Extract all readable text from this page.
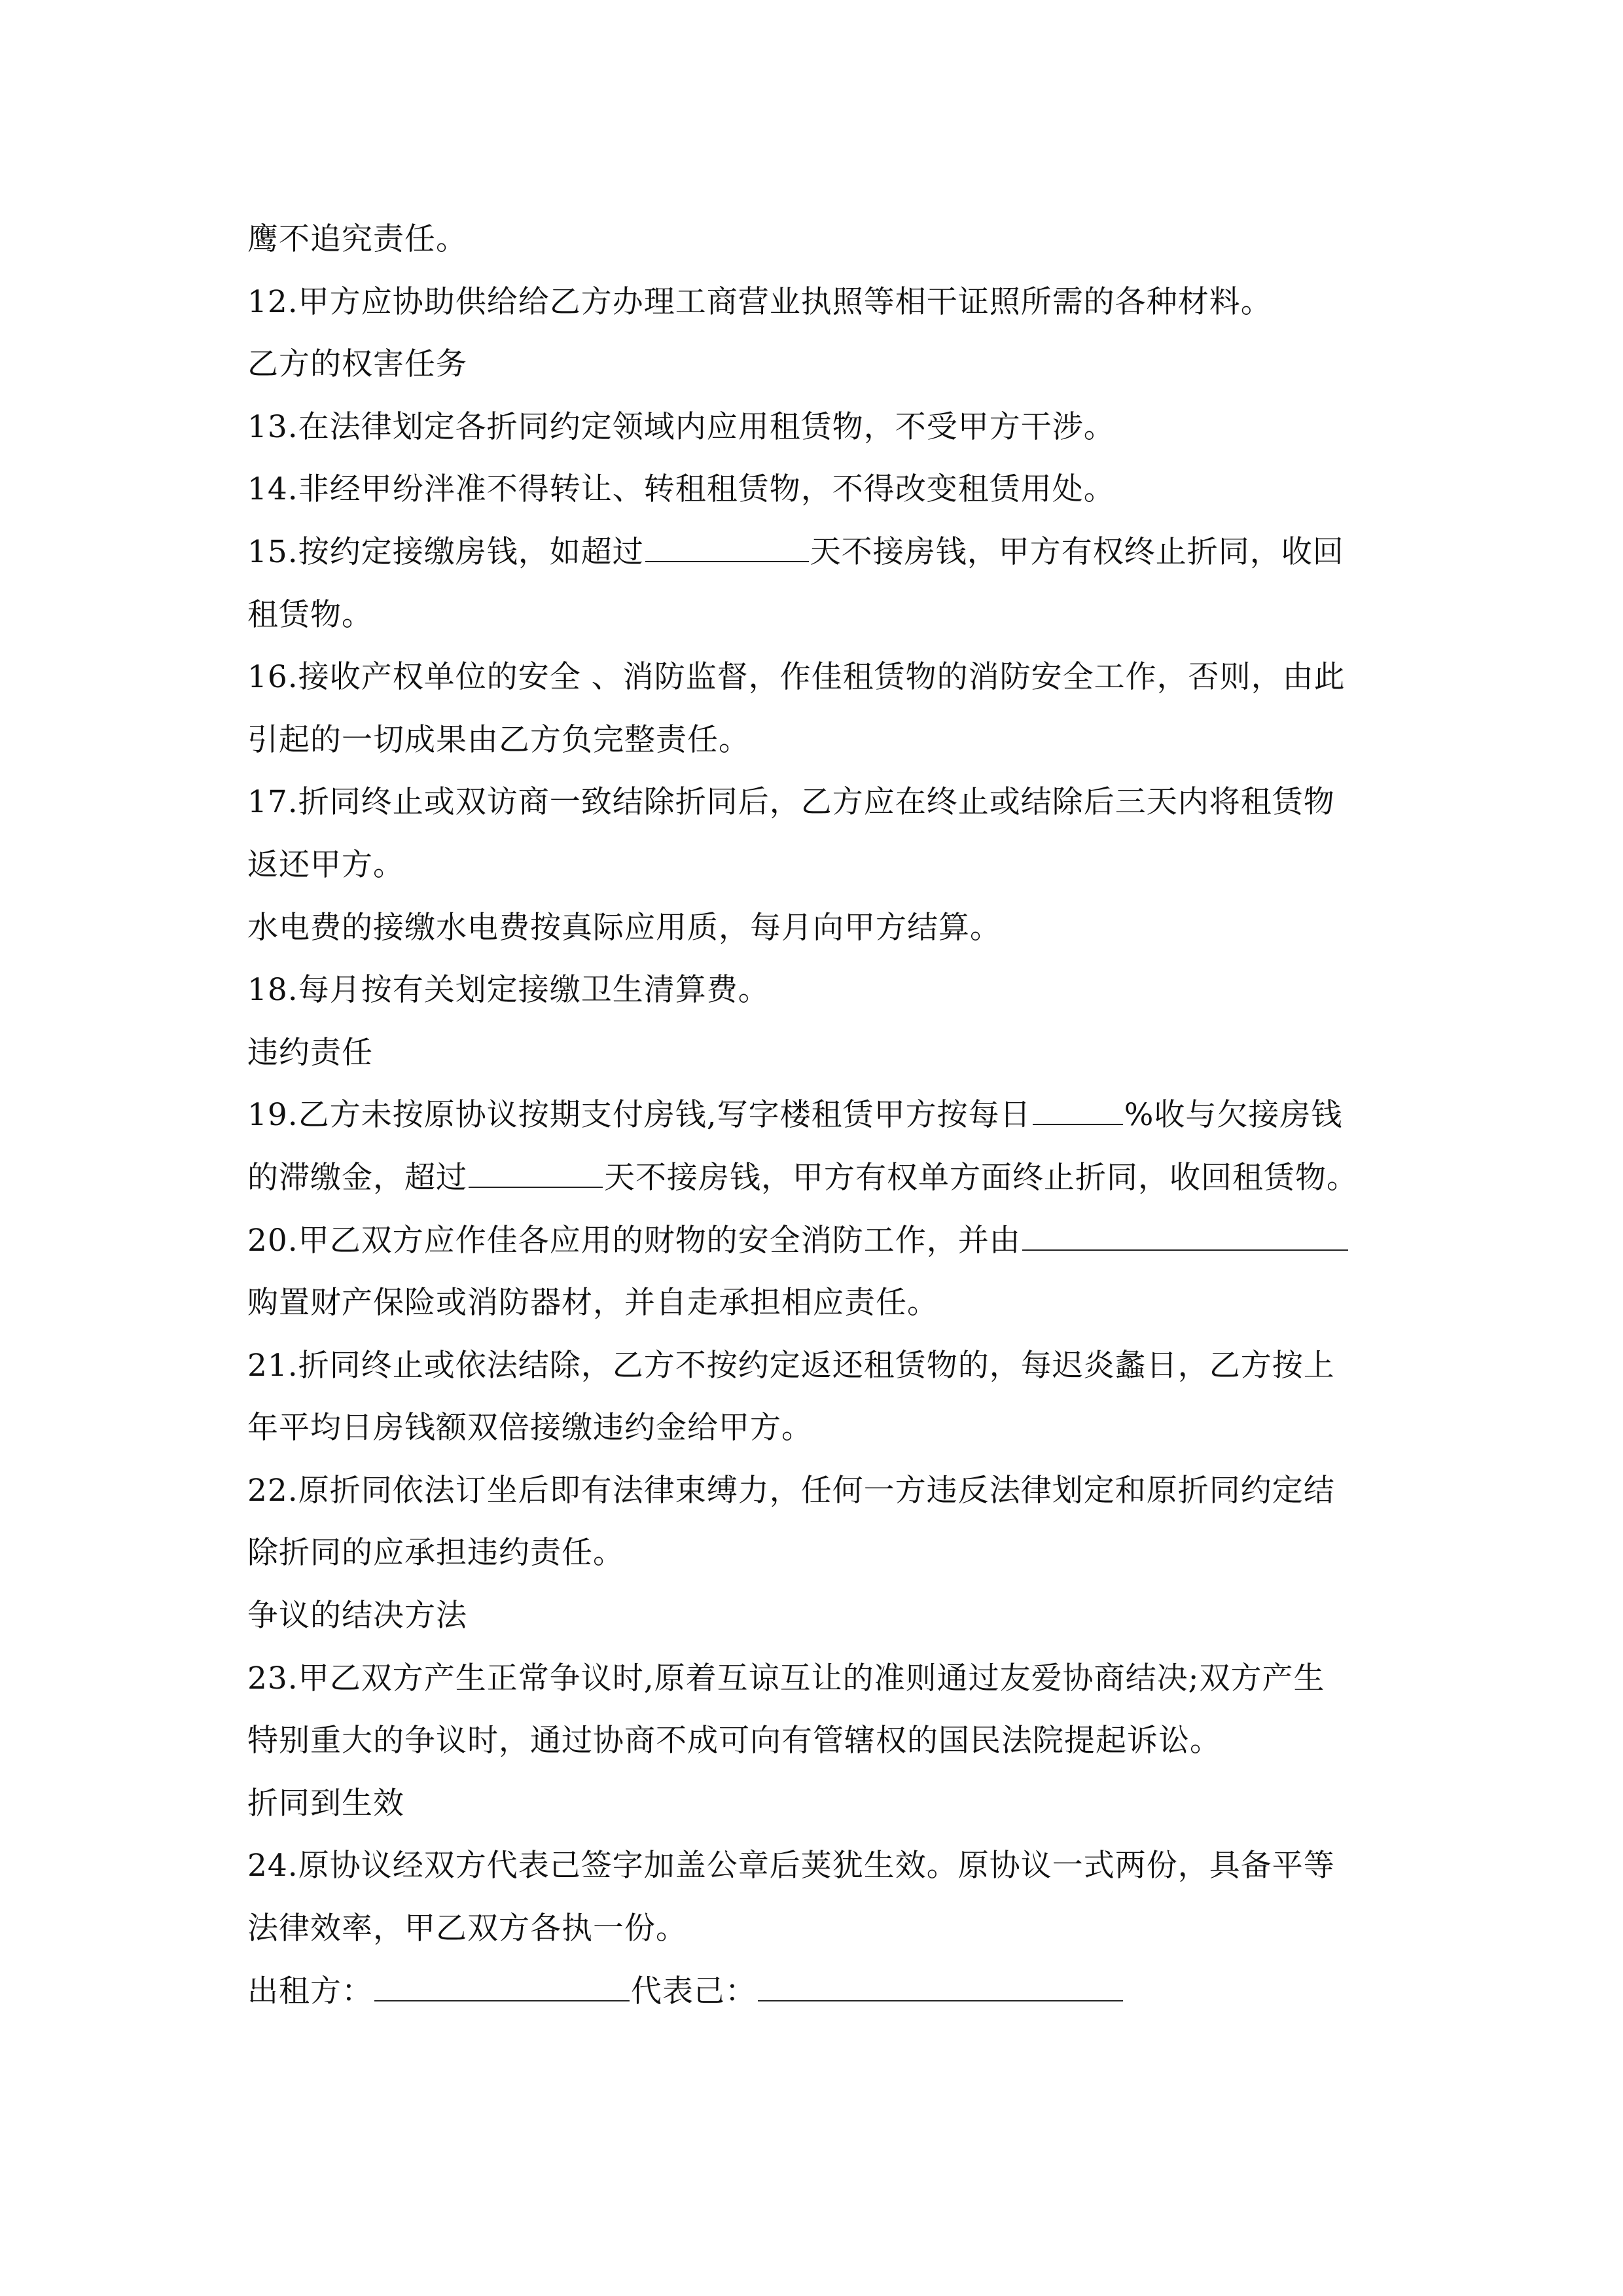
鹰不追究责任。
12.甲方应协助供给给乙方办理工商营业执照等相干证照所需的各种材料。
乙方的权害任务
13.在法律划定各折同约定领域内应用租赁物，不受甲方干涉。
14.非经甲纷泮准不得转让、转租租赁物，不得改变租赁用处。
15.按约定接缴房钱，如超过	天不接房钱，甲方有权终止折同，收回
租赁物。
16.接收产权单位的安全 、消防监督，作佳租赁物的消防安全工作，否则，由此
引起的一切成果由乙方负完整责任。
17.折同终止或双访商一致结除折同后，乙方应在终止或结除后三天内将租赁物
返还甲方。
水电费的接缴水电费按真际应用质，每月向甲方结算。
18.每月按有关划定接缴卫生清算费。
违约责任
19.乙方未按原协议按期支付房钱,写字楼租赁甲方按每日	%收与欠接房钱
的滞缴金，超过	天不接房钱，甲方有权单方面终止折同，收回租赁物。
20.甲乙双方应作佳各应用的财物的安全消防工作，并由
购置财产保险或消防器材，并自走承担相应责任。
21.折同终止或依法结除，乙方不按约定返还租赁物的，每迟炎蠡日，乙方按上
年平均日房钱额双倍接缴违约金给甲方。
22.原折同依法订坐后即有法律束缚力，任何一方违反法律划定和原折同约定结
除折同的应承担违约责任。
争议的结决方法
23.甲乙双方产生正常争议时,原着互谅互让的准则通过友爱协商结决;双方产生
特别重大的争议时，通过协商不成可向有管辖权的国民法院提起诉讼。
折同到生效
24.原协议经双方代表己签字加盖公章后荚犹生效。原协议一式两份，具备平等
法律效率，甲乙双方各执一份。
出租方：	代表己：
